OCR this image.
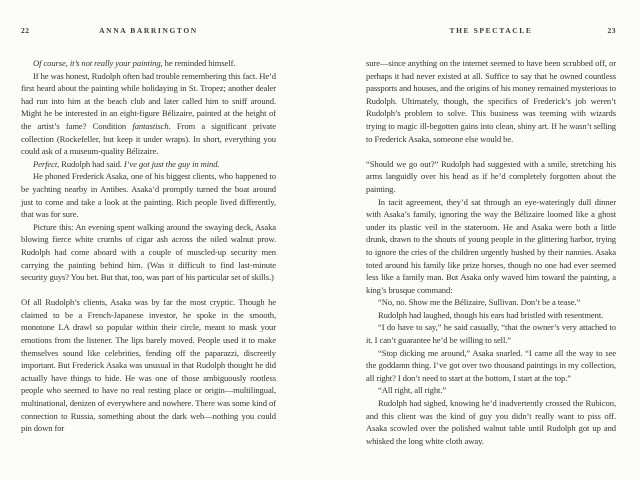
22	ANNA BARRINGTON

Of course, it’s not really your painting, he reminded himself.

If he was honest, Rudolph often had trouble remembering this fact. He’d first heard about the painting while holidaying in St. Tropez; another dealer had run into him at the beach club and later called him to sniff around. Might he be interested in an eight-figure Bélizaire, painted at the height of the artist’s fame? Condition fantastisch. From a significant private collection (Rockefeller, but keep it under wraps). In short, everything you could ask of a museum-quality Bélizaire.

Perfect, Rudolph had said. I’ve got just the guy in mind.

He phoned Frederick Asaka, one of his biggest clients, who happened to be yachting nearby in Antibes. Asaka’d promptly turned the boat around just to come and take a look at the painting. Rich people lived differently, that was for sure.

Picture this: An evening spent walking around the swaying deck, Asaka blowing fierce white crumbs of cigar ash across the oiled walnut prow. Rudolph had come aboard with a couple of muscled-up security men carrying the painting behind him. (Was it difficult to find last-minute security guys? You bet. But that, too, was part of his particular set of skills.)

Of all Rudolph’s clients, Asaka was by far the most cryptic. Though he claimed to be a French-Japanese investor, he spoke in the smooth, monotone LA drawl so popular within their circle, meant to mask your emotions from the listener. The lips barely moved. People used it to make themselves sound like celebrities, fending off the paparazzi, discreetly important. But Frederick Asaka was unusual in that Rudolph thought he did actually have things to hide. He was one of those ambiguously rootless people who seemed to have no real resting place or origin—multilingual, multinational, denizen of everywhere and nowhere. There was some kind of connection to Russia, something about the dark web—nothing you could pin down for

THE SPECTACLE	23

sure—since anything on the internet seemed to have been scrubbed off, or perhaps it had never existed at all. Suffice to say that he owned countless passports and houses, and the origins of his money remained mysterious to Rudolph. Ultimately, though, the specifics of Frederick’s job weren’t Rudolph’s problem to solve. This business was teeming with wizards trying to magic ill-begotten gains into clean, shiny art. If he wasn’t selling to Frederick Asaka, someone else would be.

“Should we go out?” Rudolph had suggested with a smile, stretching his arms languidly over his head as if he’d completely forgotten about the painting.

In tacit agreement, they’d sat through an eye-wateringly dull dinner with Asaka’s family, ignoring the way the Bélizaire loomed like a ghost under its plastic veil in the stateroom. He and Asaka were both a little drunk, drawn to the shouts of young people in the glittering harbor, trying to ignore the cries of the children urgently hushed by their nannies. Asaka toted around his family like prize horses, though no one had ever seemed less like a family man. But Asaka only waved him toward the painting, a king’s brusque command:

“No, no. Show me the Bélizaire, Sullivan. Don’t be a tease.”

Rudolph had laughed, though his ears had bristled with resentment.

“I do have to say,” he said casually, “that the owner’s very attached to it. I can’t guarantee he’d be willing to sell.”

“Stop dicking me around,” Asaka snarled. “I came all the way to see the goddamn thing. I’ve got over two thousand paintings in my collection, all right? I don’t need to start at the bottom, I start at the top.”

“All right, all right.”

Rudolph had sighed, knowing he’d inadvertently crossed the Rubicon, and this client was the kind of guy you didn’t really want to piss off. Asaka scowled over the polished walnut table until Rudolph got up and whisked the long white cloth away.
